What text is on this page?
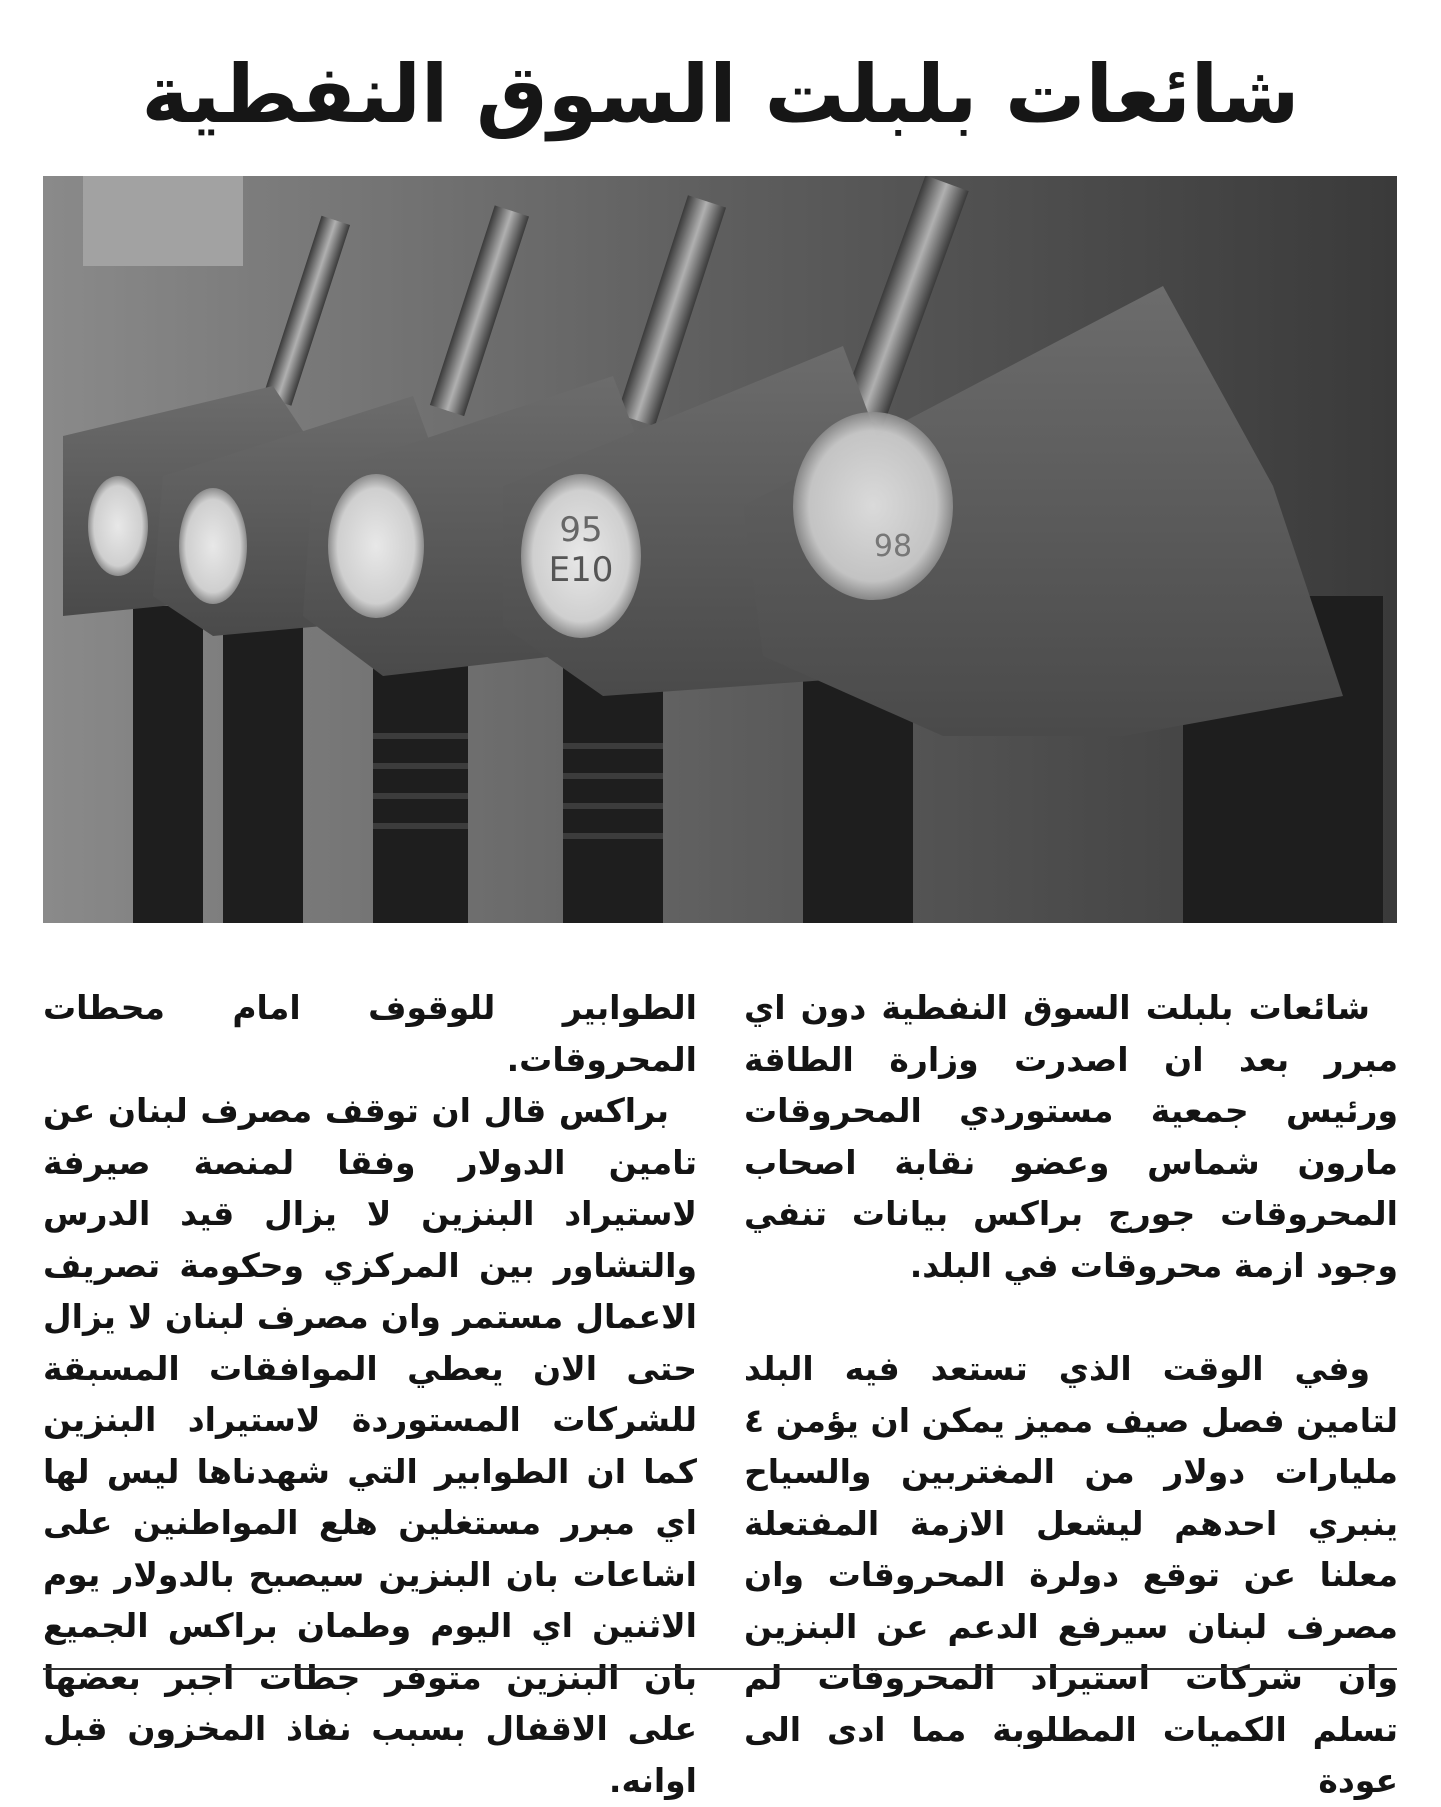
شائعات بلبلت السوق النفطية
95
E10
98

شائعات بلبلت السوق النفطية دون اي مبرر بعد ان اصدرت وزارة الطاقة ورئيس جمعية مستوردي المحروقات مارون شماس وعضو نقابة اصحاب المحروقات جورج براكس بيانات تنفي وجود ازمة محروقات في البلد.

وفي الوقت الذي تستعد فيه البلد لتامين فصل صيف مميز يمكن ان يؤمن ٤ مليارات دولار من المغتربين والسياح ينبري احدهم ليشعل الازمة المفتعلة معلنا عن توقع دولرة المحروقات وان مصرف لبنان سيرفع الدعم عن البنزين وان شركات استيراد المحروقات لم تسلم الكميات المطلوبة مما ادى الى عودة

الطوابير للوقوف امام محطات المحروقات.

براكس قال ان توقف مصرف لبنان عن تامين الدولار وفقا لمنصة صيرفة لاستيراد البنزين لا يزال قيد الدرس والتشاور بين المركزي وحكومة تصريف الاعمال مستمر وان مصرف لبنان لا يزال حتى الان يعطي الموافقات المسبقة للشركات المستوردة لاستيراد البنزين كما ان الطوابير التي شهدناها ليس لها اي مبرر مستغلين هلع المواطنين على اشاعات بان البنزين سيصبح بالدولار يوم الاثنين اي اليوم وطمان براكس الجميع بان البنزين متوفر جطات اجبر بعضها على الاقفال بسبب نفاذ المخزون قبل اوانه.
